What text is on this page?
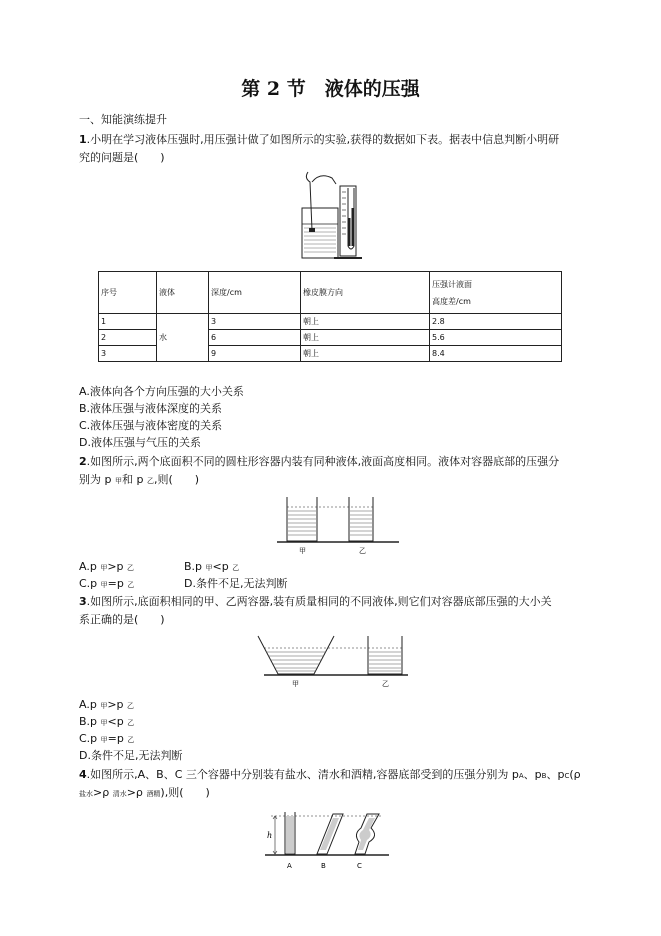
第 2 节　液体的压强
一、知能演练提升
1.小明在学习液体压强时,用压强计做了如图所示的实验,获得的数据如下表。据表中信息判断小明研
究的问题是(　　)
序号	液体	深度/cm	橡皮膜方向	压强计液面
高度差/cm
1	水	3	朝上	2.8
2		6	朝上	5.6
3		9	朝上	8.4
A.液体向各个方向压强的大小关系
B.液体压强与液体深度的关系
C.液体压强与液体密度的关系
D.液体压强与气压的关系
2.如图所示,两个底面积不同的圆柱形容器内装有同种液体,液面高度相同。液体对容器底部的压强分
别为 p 甲和 p 乙,则(　　)
甲	乙
A.p 甲>p 乙	B.p 甲<p 乙
C.p 甲=p 乙	D.条件不足,无法判断
3.如图所示,底面积相同的甲、乙两容器,装有质量相同的不同液体,则它们对容器底部压强的大小关
系正确的是(　　)
甲	乙
A.p 甲>p 乙
B.p 甲<p 乙
C.p 甲=p 乙
D.条件不足,无法判断
4.如图所示,A、B、C 三个容器中分别装有盐水、清水和酒精,容器底部受到的压强分别为 pA、pB、pC(ρ
盐水>ρ 清水>ρ 酒精),则(　　)
h
A	B	C
